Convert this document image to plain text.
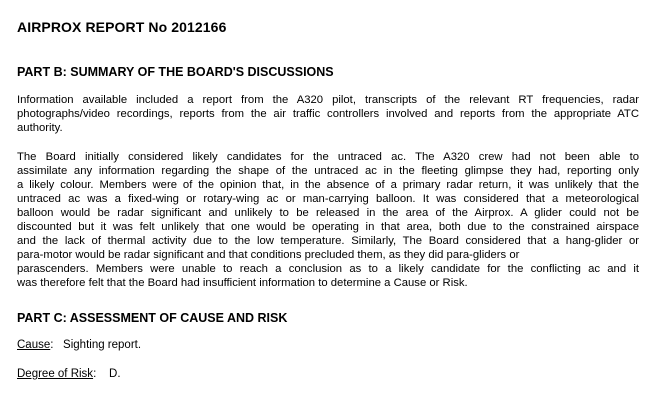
AIRPROX REPORT No 2012166
PART B: SUMMARY OF THE BOARD'S DISCUSSIONS
Information available included a report from the A320 pilot, transcripts of the relevant RT frequencies, radar
photographs/video recordings, reports from the air traffic controllers involved and reports from the appropriate ATC
authority.
The Board initially considered likely candidates for the untraced ac. The A320 crew had not been able to
assimilate any information regarding the shape of the untraced ac in the fleeting glimpse they had, reporting only
a likely colour. Members were of the opinion that, in the absence of a primary radar return, it was unlikely that the
untraced ac was a fixed-wing or rotary-wing ac or man-carrying balloon. It was considered that a meteorological
balloon would be radar significant and unlikely to be released in the area of the Airprox. A glider could not be
discounted but it was felt unlikely that one would be operating in that area, both due to the constrained airspace
and the lack of thermal activity due to the low temperature. Similarly, The Board considered that a hang-glider or
para-motor would be radar significant and that conditions precluded them, as they did para-gliders or
parascenders. Members were unable to reach a conclusion as to a likely candidate for the conflicting ac and it
was therefore felt that the Board had insufficient information to determine a Cause or Risk.
PART C: ASSESSMENT OF CAUSE AND RISK
Cause: Sighting report.
Degree of Risk: D.
